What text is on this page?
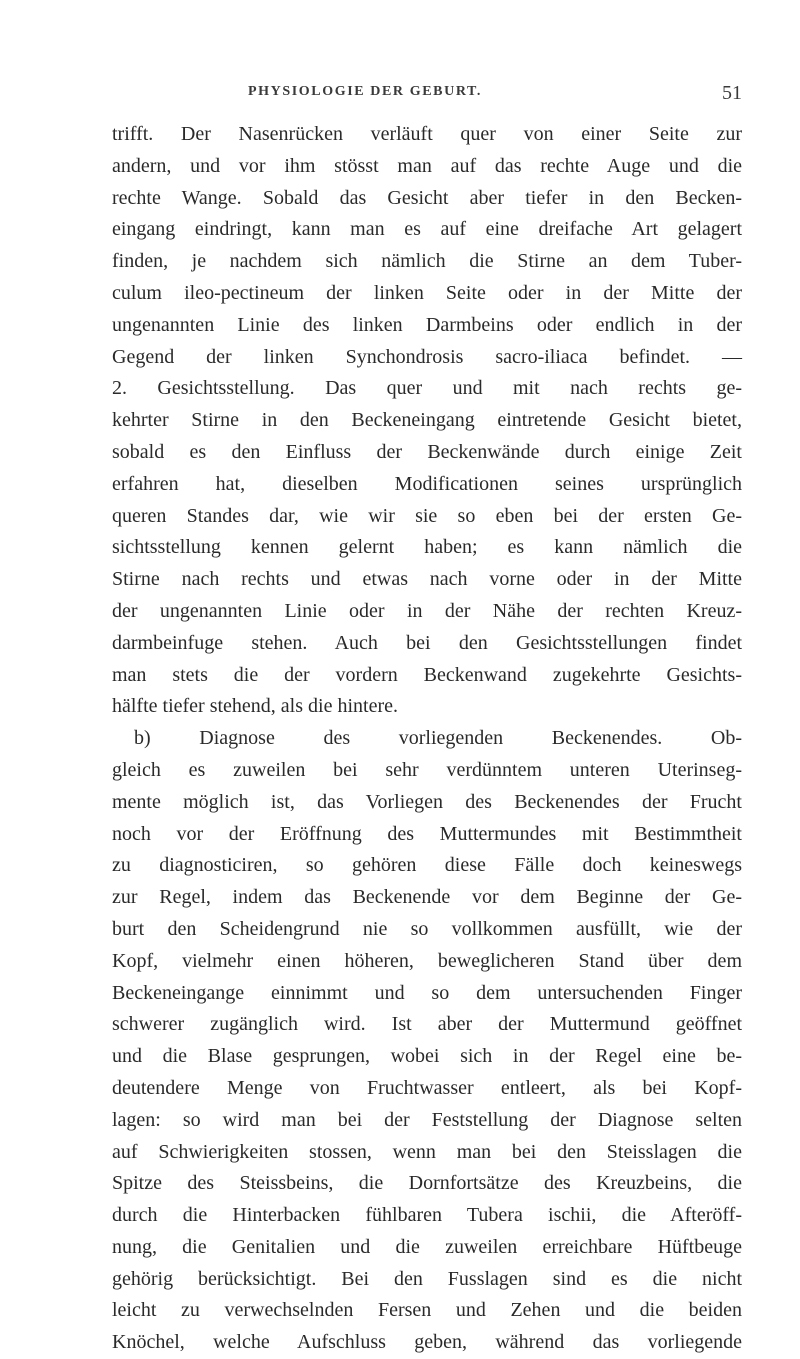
PHYSIOLOGIE DER GEBURT.	51
trifft. Der Nasenrücken verläuft quer von einer Seite zur
andern, und vor ihm stösst man auf das rechte Auge und die
rechte Wange. Sobald das Gesicht aber tiefer in den Becken-
eingang eindringt, kann man es auf eine dreifache Art gelagert
finden, je nachdem sich nämlich die Stirne an dem Tuber-
culum ileo-pectineum der linken Seite oder in der Mitte der
ungenannten Linie des linken Darmbeins oder endlich in der
Gegend der linken Synchondrosis sacro-iliaca befindet. —
2. Gesichtsstellung. Das quer und mit nach rechts ge-
kehrter Stirne in den Beckeneingang eintretende Gesicht bietet,
sobald es den Einfluss der Beckenwände durch einige Zeit
erfahren hat, dieselben Modificationen seines ursprünglich
queren Standes dar, wie wir sie so eben bei der ersten Ge-
sichtsstellung kennen gelernt haben; es kann nämlich die
Stirne nach rechts und etwas nach vorne oder in der Mitte
der ungenannten Linie oder in der Nähe der rechten Kreuz-
darmbeinfuge stehen. Auch bei den Gesichtsstellungen findet
man stets die der vordern Beckenwand zugekehrte Gesichts-
hälfte tiefer stehend, als die hintere.
b) Diagnose des vorliegenden Beckenendes. Ob-
gleich es zuweilen bei sehr verdünntem unteren Uterinseg-
mente möglich ist, das Vorliegen des Beckenendes der Frucht
noch vor der Eröffnung des Muttermundes mit Bestimmtheit
zu diagnosticiren, so gehören diese Fälle doch keineswegs
zur Regel, indem das Beckenende vor dem Beginne der Ge-
burt den Scheidengrund nie so vollkommen ausfüllt, wie der
Kopf, vielmehr einen höheren, beweglicheren Stand über dem
Beckeneingange einnimmt und so dem untersuchenden Finger
schwerer zugänglich wird. Ist aber der Muttermund geöffnet
und die Blase gesprungen, wobei sich in der Regel eine be-
deutendere Menge von Fruchtwasser entleert, als bei Kopf-
lagen: so wird man bei der Feststellung der Diagnose selten
auf Schwierigkeiten stossen, wenn man bei den Steisslagen die
Spitze des Steissbeins, die Dornfortsätze des Kreuzbeins, die
durch die Hinterbacken fühlbaren Tubera ischii, die Afteröff-
nung, die Genitalien und die zuweilen erreichbare Hüftbeuge
gehörig berücksichtigt. Bei den Fusslagen sind es die nicht
leicht zu verwechselnden Fersen und Zehen und die beiden
Knöchel, welche Aufschluss geben, während das vorliegende
